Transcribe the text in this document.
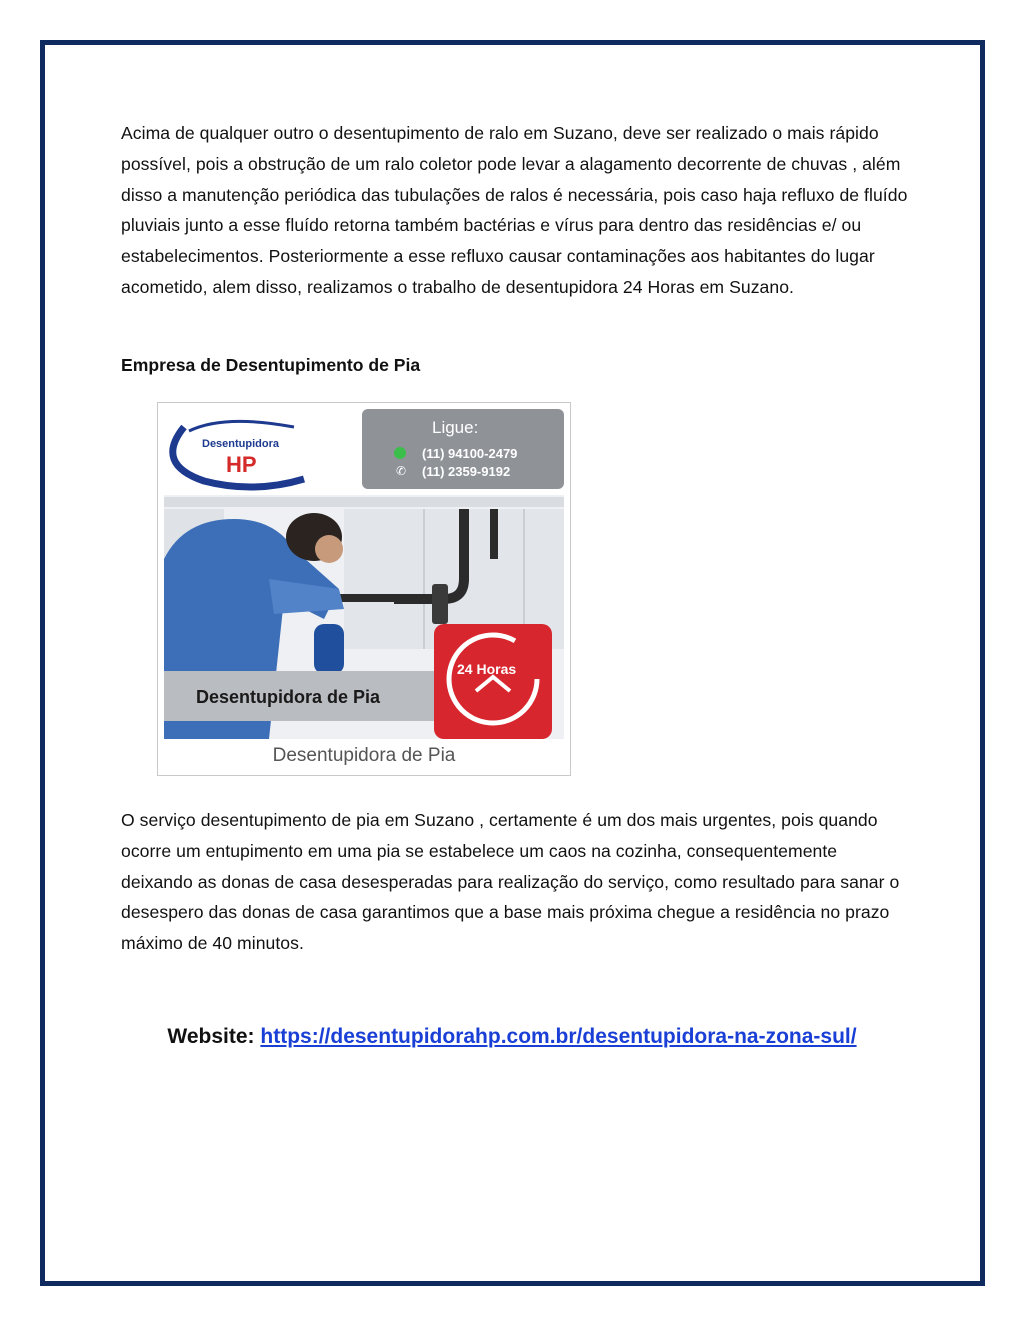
Acima de qualquer outro o desentupimento de ralo em Suzano, deve ser realizado o mais rápido possível, pois a obstrução de um ralo coletor pode levar a alagamento decorrente de chuvas , além disso a manutenção periódica das tubulações de ralos é necessária, pois caso haja refluxo de fluído pluviais junto a esse fluído retorna também bactérias e vírus para dentro das residências e/ ou estabelecimentos. Posteriormente a esse refluxo causar contaminações aos habitantes do lugar acometido, alem disso, realizamos o trabalho de desentupidora 24 Horas em Suzano.

Empresa de Desentupimento de Pia

Desentupidora
HP
Ligue:
(11) 94100-2479
✆ (11) 2359-9192
Desentupidora de Pia
24 Horas
Desentupidora de Pia

O serviço desentupimento de pia em Suzano , certamente é um dos mais urgentes, pois quando ocorre um entupimento em uma pia se estabelece um caos na cozinha, consequentemente deixando as donas de casa desesperadas para realização do serviço, como resultado para sanar o desespero das donas de casa garantimos que a base mais próxima chegue a residência no prazo máximo de 40 minutos.

Website: https://desentupidorahp.com.br/desentupidora-na-zona-sul/
